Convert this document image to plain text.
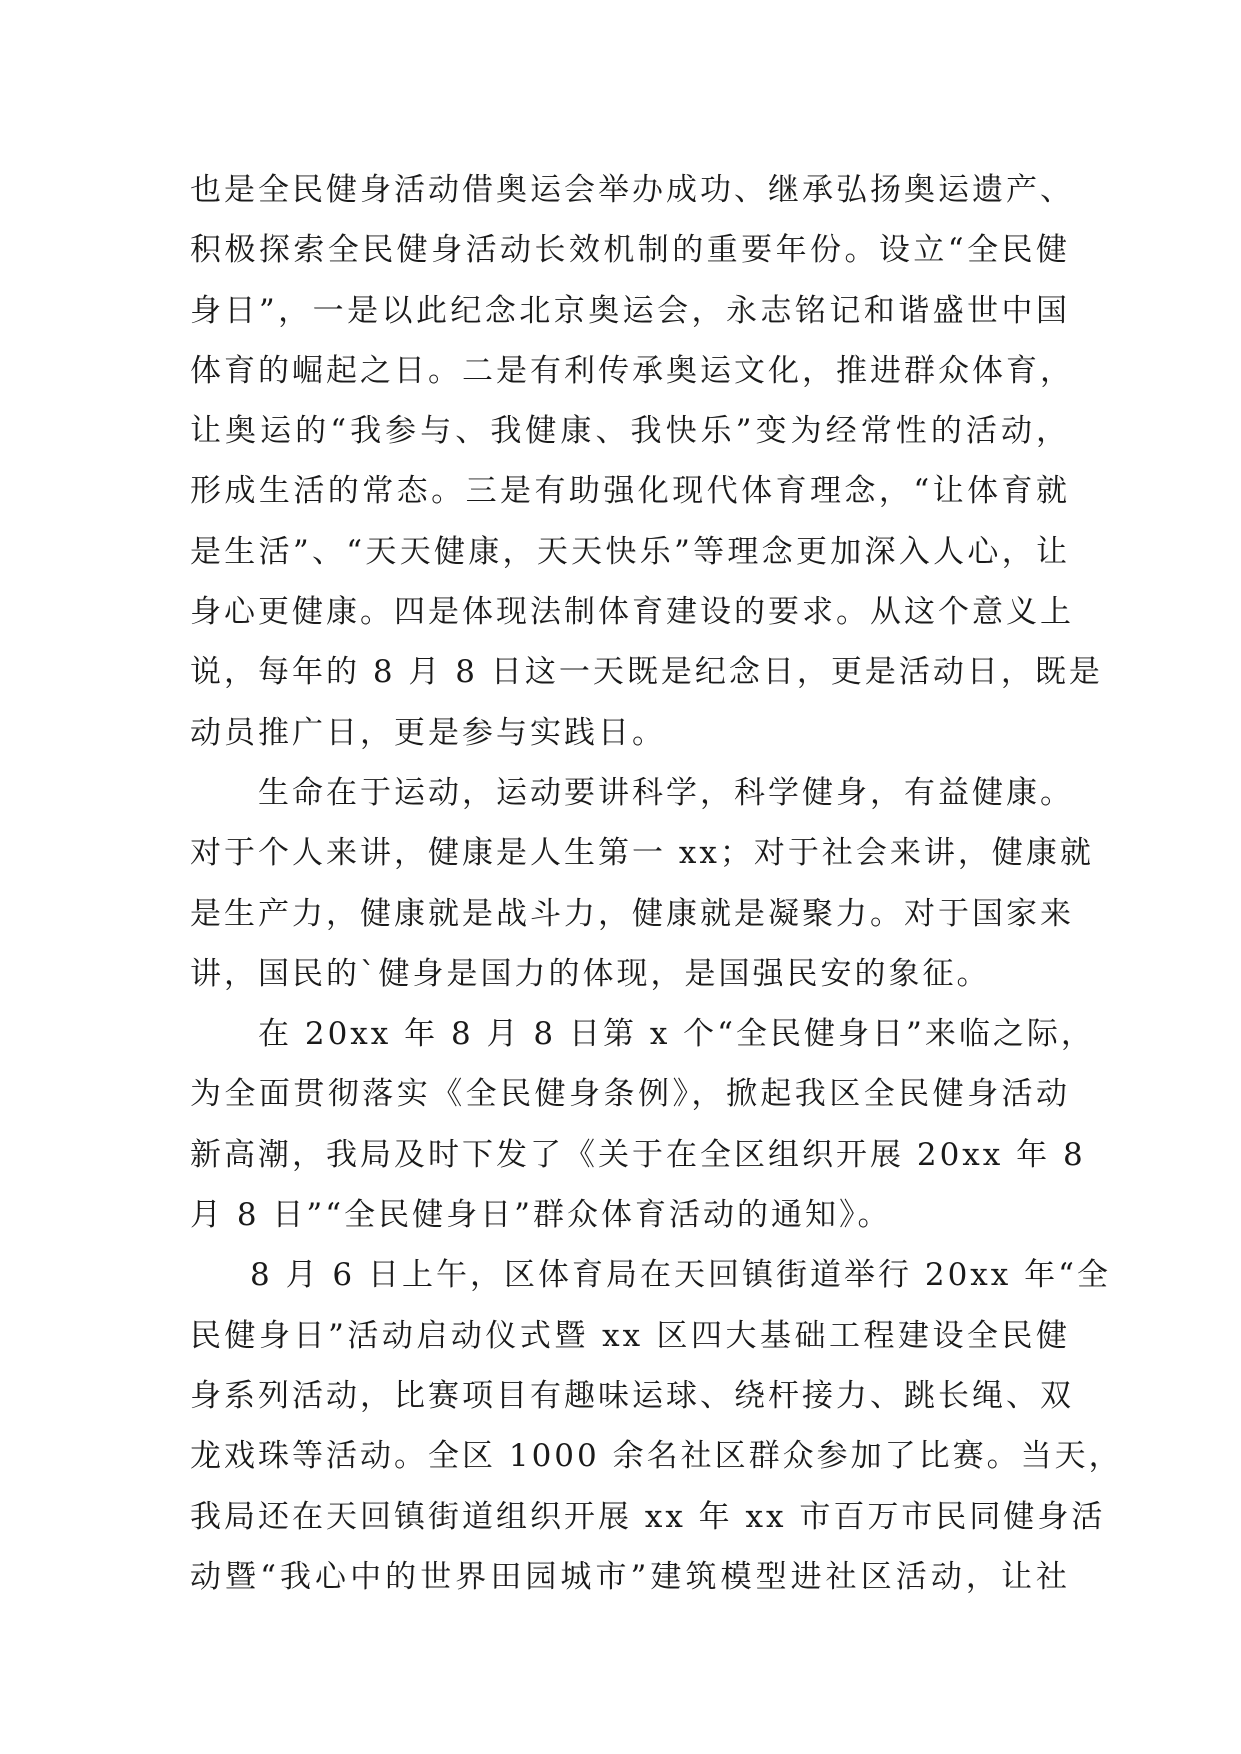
也是全民健身活动借奥运会举办成功、继承弘扬奥运遗产、
积极探索全民健身活动长效机制的重要年份。设立“全民健
身日”，一是以此纪念北京奥运会，永志铭记和谐盛世中国
体育的崛起之日。二是有利传承奥运文化，推进群众体育，
让奥运的“我参与、我健康、我快乐”变为经常性的活动，
形成生活的常态。三是有助强化现代体育理念，“让体育就
是生活”、“天天健康，天天快乐”等理念更加深入人心，让
身心更健康。四是体现法制体育建设的要求。从这个意义上
说，每年的 8 月 8 日这一天既是纪念日，更是活动日，既是
动员推广日，更是参与实践日。
生命在于运动，运动要讲科学，科学健身，有益健康。
对于个人来讲，健康是人生第一 xx；对于社会来讲，健康就
是生产力，健康就是战斗力，健康就是凝聚力。对于国家来
讲，国民的`健身是国力的体现，是国强民安的象征。
在 20xx 年 8 月 8 日第 x 个“全民健身日”来临之际，
为全面贯彻落实《全民健身条例》，掀起我区全民健身活动
新高潮，我局及时下发了《关于在全区组织开展 20xx 年 8
月 8 日”“全民健身日”群众体育活动的通知》。
8 月 6 日上午，区体育局在天回镇街道举行 20xx 年“全
民健身日”活动启动仪式暨 xx 区四大基础工程建设全民健
身系列活动，比赛项目有趣味运球、绕杆接力、跳长绳、双
龙戏珠等活动。全区 1000 余名社区群众参加了比赛。当天，
我局还在天回镇街道组织开展 xx 年 xx 市百万市民同健身活
动暨“我心中的世界田园城市”建筑模型进社区活动，让社
